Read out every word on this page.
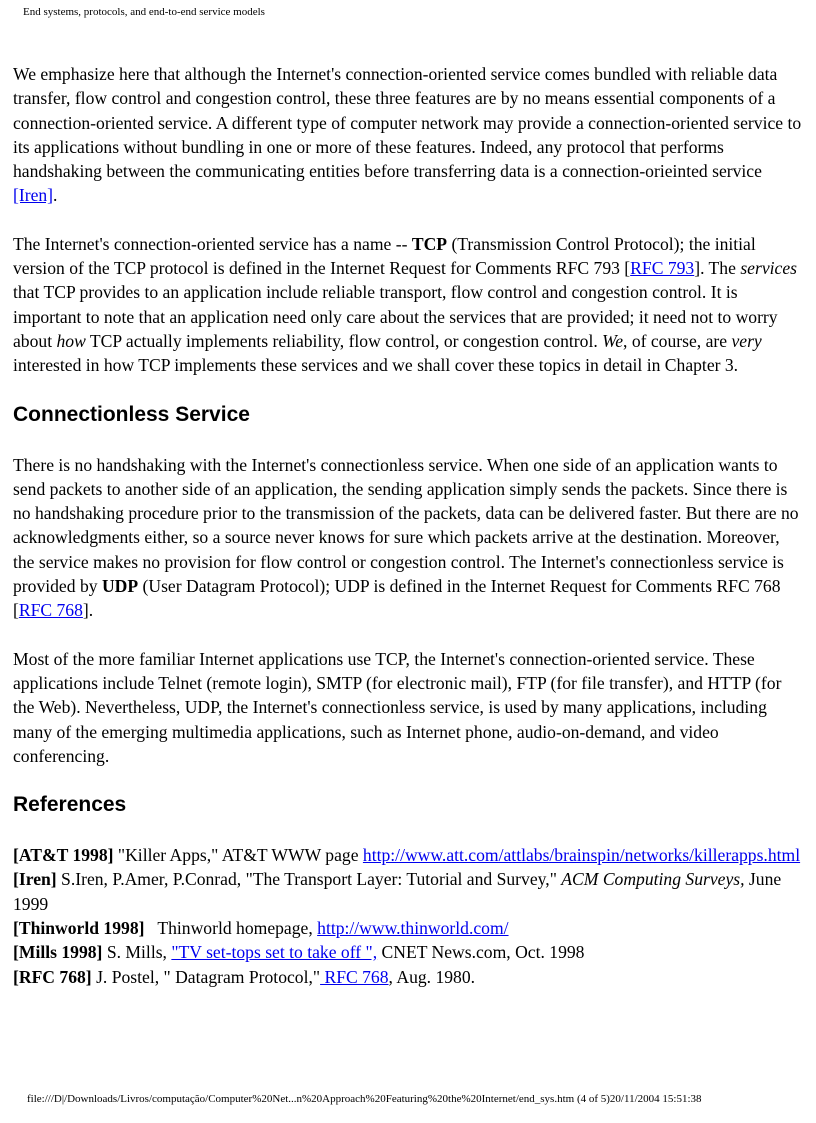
End systems, protocols, and end-to-end service models

We emphasize here that although the Internet's connection-oriented service comes bundled with reliable data transfer, flow control and congestion control, these three features are by no means essential components of a connection-oriented service. A different type of computer network may provide a connection-oriented service to its applications without bundling in one or more of these features. Indeed, any protocol that performs handshaking between the communicating entities before transferring data is a connection-orieinted service [Iren].

The Internet's connection-oriented service has a name -- TCP (Transmission Control Protocol); the initial version of the TCP protocol is defined in the Internet Request for Comments RFC 793 [RFC 793]. The services that TCP provides to an application include reliable transport, flow control and congestion control. It is important to note that an application need only care about the services that are provided; it need not to worry about how TCP actually implements reliability, flow control, or congestion control. We, of course, are very interested in how TCP implements these services and we shall cover these topics in detail in Chapter 3.

Connectionless Service

There is no handshaking with the Internet's connectionless service. When one side of an application wants to send packets to another side of an application, the sending application simply sends the packets. Since there is no handshaking procedure prior to the transmission of the packets, data can be delivered faster. But there are no acknowledgments either, so a source never knows for sure which packets arrive at the destination. Moreover, the service makes no provision for flow control or congestion control. The Internet's connectionless service is provided by UDP (User Datagram Protocol); UDP is defined in the Internet Request for Comments RFC 768 [RFC 768].

Most of the more familiar Internet applications use TCP, the Internet's connection-oriented service. These applications include Telnet (remote login), SMTP (for electronic mail), FTP (for file transfer), and HTTP (for the Web). Nevertheless, UDP, the Internet's connectionless service, is used by many applications, including many of the emerging multimedia applications, such as Internet phone, audio-on-demand, and video conferencing.

References

[AT&T 1998] "Killer Apps," AT&T WWW page http://www.att.com/attlabs/brainspin/networks/killerapps.html

[Iren] S.Iren, P.Amer, P.Conrad, "The Transport Layer: Tutorial and Survey," ACM Computing Surveys, June 1999

[Thinworld 1998]   Thinworld homepage, http://www.thinworld.com/

[Mills 1998] S. Mills, "TV set-tops set to take off ", CNET News.com, Oct. 1998

[RFC 768] J. Postel, " Datagram Protocol," RFC 768, Aug. 1980.

file:///D|/Downloads/Livros/computação/Computer%20Net...n%20Approach%20Featuring%20the%20Internet/end_sys.htm (4 of 5)20/11/2004 15:51:38
